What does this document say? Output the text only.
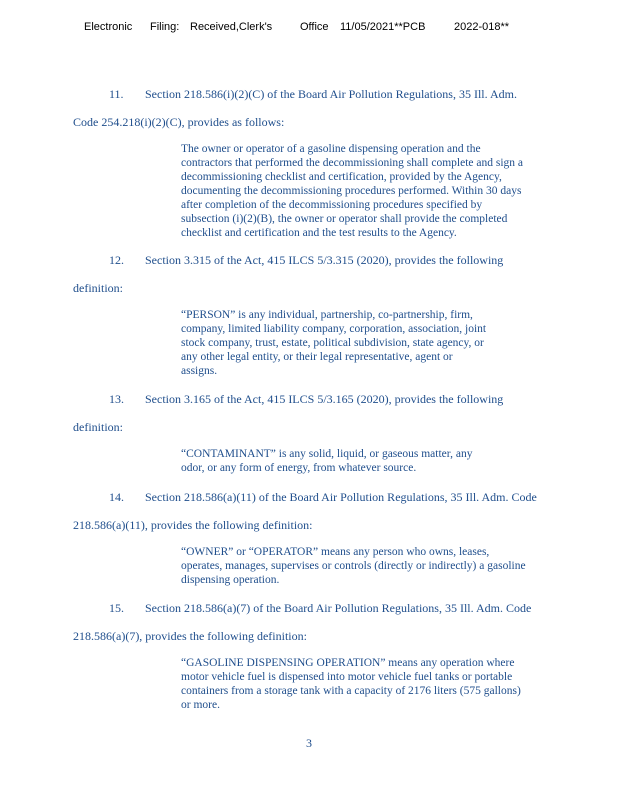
Electronic Filing: Received,Clerk's	Office 11/05/2021**PCB	2022-018**
11. Section 218.586(i)(2)(C) of the Board Air Pollution Regulations, 35 Ill. Adm.
Code 254.218(i)(2)(C), provides as follows:
The owner or operator of a gasoline dispensing operation and the
contractors that performed the decommissioning shall complete and sign a
decommissioning checklist and certification, provided by the Agency,
documenting the decommissioning procedures performed. Within 30 days
after completion of the decommissioning procedures specified by
subsection (i)(2)(B), the owner or operator shall provide the completed
checklist and certification and the test results to the Agency.
12. Section 3.315 of the Act, 415 ILCS 5/3.315 (2020), provides the following
definition:
“PERSON” is any individual, partnership, co-partnership, firm,
company, limited liability company, corporation, association, joint
stock company, trust, estate, political subdivision, state agency, or
any other legal entity, or their legal representative, agent or
assigns.
13. Section 3.165 of the Act, 415 ILCS 5/3.165 (2020), provides the following
definition:
“CONTAMINANT” is any solid, liquid, or gaseous matter, any
odor, or any form of energy, from whatever source.
14. Section 218.586(a)(11) of the Board Air Pollution Regulations, 35 Ill. Adm. Code
218.586(a)(11), provides the following definition:
“OWNER” or “OPERATOR” means any person who owns, leases,
operates, manages, supervises or controls (directly or indirectly) a gasoline
dispensing operation.
15. Section 218.586(a)(7) of the Board Air Pollution Regulations, 35 Ill. Adm. Code
218.586(a)(7), provides the following definition:
“GASOLINE DISPENSING OPERATION” means any operation where
motor vehicle fuel is dispensed into motor vehicle fuel tanks or portable
containers from a storage tank with a capacity of 2176 liters (575 gallons)
or more.
3
